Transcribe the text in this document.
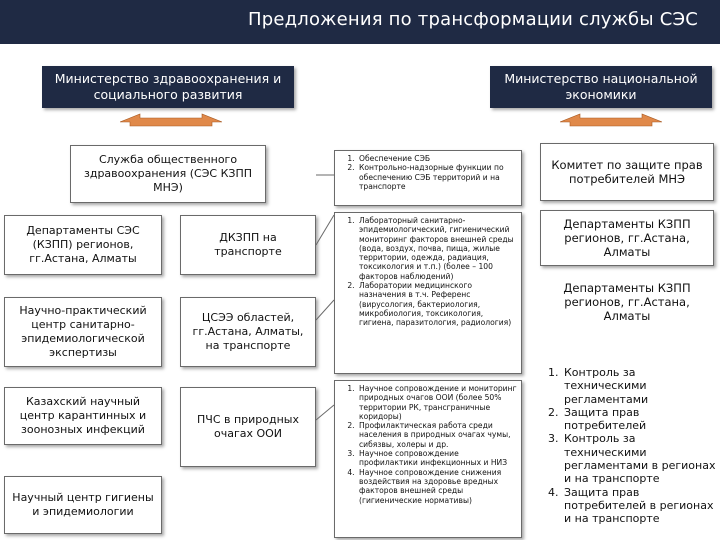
Предложения по трансформации службы СЭС
Министерство здравоохранения и социального развития
Министерство национальной экономики
Служба общественного здравоохранения (СЭС КЗПП МНЭ)
Департаменты СЭС (КЗПП) регионов, гг.Астана, Алматы
Научно-практический центр санитарно-эпидемиологической экспертизы
Казахский научный центр карантинных и зоонозных инфекций
Научный центр гигиены и эпидемиологии
ДКЗПП на транспорте
ЦСЭЭ областей, гг.Астана, Алматы, на транспорте
ПЧС в природных очагах ООИ
1. Обеспечение СЭБ
2. Контрольно-надзорные функции по обеспечению СЭБ территорий и на транспорте
1. Лабораторный санитарно-эпидемиологический, гигиенический мониторинг факторов внешней среды (вода, воздух, почва, пища, жилые территории, одежда, радиация, токсикология и т.п.) (более – 100 факторов наблюдений)
2. Лаборатории медицинского назначения в т.ч. Референс (вирусология, бактериология, микробиология, токсикология, гигиена, паразитология, радиология)
1. Научное сопровождение и мониторинг природных очагов ООИ (более 50% территории РК, трансграничные коридоры)
2. Профилактическая работа среди населения в природных очагах чумы, сибязвы, холеры и др.
3. Научное сопровождение профилактики инфекционных и НИЗ
4. Научное сопровождение снижения воздействия на здоровье вредных факторов внешней среды (гигиенические нормативы)
Комитет по защите прав потребителей МНЭ
Департаменты КЗПП регионов, гг.Астана, Алматы
Департаменты КЗПП регионов, гг.Астана, Алматы
1. Контроль за техническими регламентами
2. Защита прав потребителей
3. Контроль за техническими регламентами в регионах и на транспорте
4. Защита прав потребителей в регионах и на транспорте
